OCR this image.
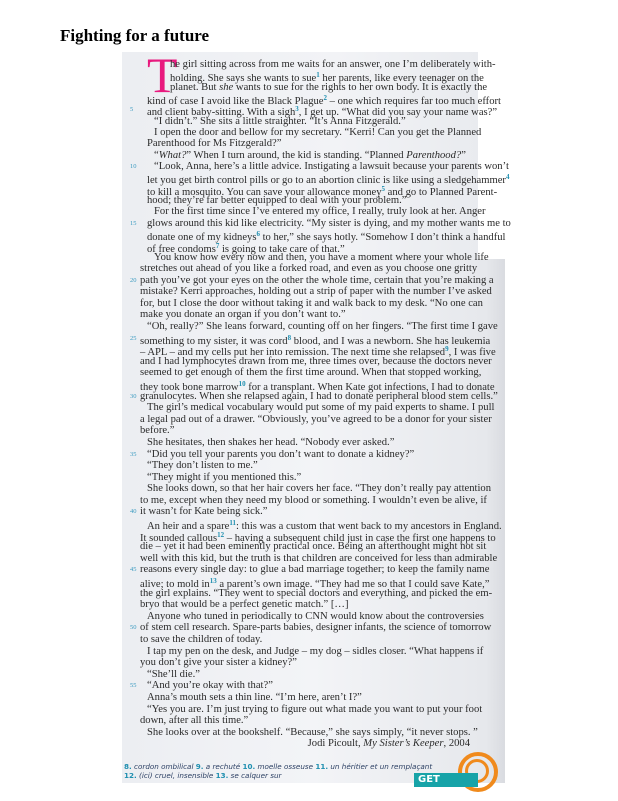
Fighting for a future
T
he girl sitting across from me waits for an answer, one I’m deliberately with-
holding. She says she wants to sue$^1$ her parents, like every teenager on the
planet. But she wants to sue for the rights to her own body. It is exactly the
kind of case I avoid like the Black Plague$^2$ – one which requires far too much effort
5 and client baby-sitting. With a sigh$^3$, I get up. “What did you say your name was?”
“I didn’t.” She sits a little straighter. “It’s Anna Fitzgerald.”
I open the door and bellow for my secretary. “Kerri! Can you get the Planned
Parenthood for Ms Fitzgerald?”
“What?” When I turn around, the kid is standing. “Planned Parenthood?”
10 “Look, Anna, here’s a little advice. Instigating a lawsuit because your parents won’t
let you get birth control pills or go to an abortion clinic is like using a sledgehammer$^4$
to kill a mosquito. You can save your allowance money$^5$ and go to Planned Parent-
hood; they’re far better equipped to deal with your problem.”
For the first time since I’ve entered my office, I really, truly look at her. Anger
15 glows around this kid like electricity. “My sister is dying, and my mother wants me to
donate one of my kidneys$^6$ to her,” she says hotly. “Somehow I don’t think a handful
of free condoms$^7$ is going to take care of that.”
You know how every now and then, you have a moment where your whole life
stretches out ahead of you like a forked road, and even as you choose one gritty
20 path you’ve got your eyes on the other the whole time, certain that you’re making a
mistake? Kerri approaches, holding out a strip of paper with the number I’ve asked
for, but I close the door without taking it and walk back to my desk. “No one can
make you donate an organ if you don’t want to.”
“Oh, really?” She leans forward, counting off on her fingers. “The first time I gave
25 something to my sister, it was cord$^8$ blood, and I was a newborn. She has leukemia
– APL – and my cells put her into remission. The next time she relapsed$^9$, I was five
and I had lymphocytes drawn from me, three times over, because the doctors never
seemed to get enough of them the first time around. When that stopped working,
they took bone marrow$^{10}$ for a transplant. When Kate got infections, I had to donate
30 granulocytes. When she relapsed again, I had to donate peripheral blood stem cells.”
The girl’s medical vocabulary would put some of my paid experts to shame. I pull
a legal pad out of a drawer. “Obviously, you’ve agreed to be a donor for your sister
before.”
She hesitates, then shakes her head. “Nobody ever asked.”
35 “Did you tell your parents you don’t want to donate a kidney?”
“They don’t listen to me.”
“They might if you mentioned this.”
She looks down, so that her hair covers her face. “They don’t really pay attention
to me, except when they need my blood or something. I wouldn’t even be alive, if
40 it wasn’t for Kate being sick.”
An heir and a spare$^{11}$: this was a custom that went back to my ancestors in England.
It sounded callous$^{12}$ – having a subsequent child just in case the first one happens to
die – yet it had been eminently practical once. Being an afterthought might not sit
well with this kid, but the truth is that children are conceived for less than admirable
45 reasons every single day: to glue a bad marriage together; to keep the family name
alive; to mold $in^{13}$ a parent’s own image. “They had me so that I could save Kate,”
the girl explains. “They went to special doctors and everything, and picked the em-
bryo that would be a perfect genetic match.” […]
Anyone who tuned in periodically to CNN would know about the controversies
50 of stem cell research. Spare-parts babies, designer infants, the science of tomorrow
to save the children of today.
I tap my pen on the desk, and Judge – my dog – sidles closer. “What happens if
you don’t give your sister a kidney?”
“She’ll die.”
55 “And you’re okay with that?”
Anna’s mouth sets a thin line. “I’m here, aren’t I?”
“Yes you are. I’m just trying to figure out what made you want to put your foot
down, after all this time.”
She looks over at the bookshelf. “Because,” she says simply, “it never stops. ”
Jodi Picoult, My Sister’s Keeper, 2004
8. cordon ombilical 9. a rechuté 10. moelle osseuse 11. un héritier et un remplaçant
12. (ici) cruel, insensible 13. se calquer sur	GET READY
